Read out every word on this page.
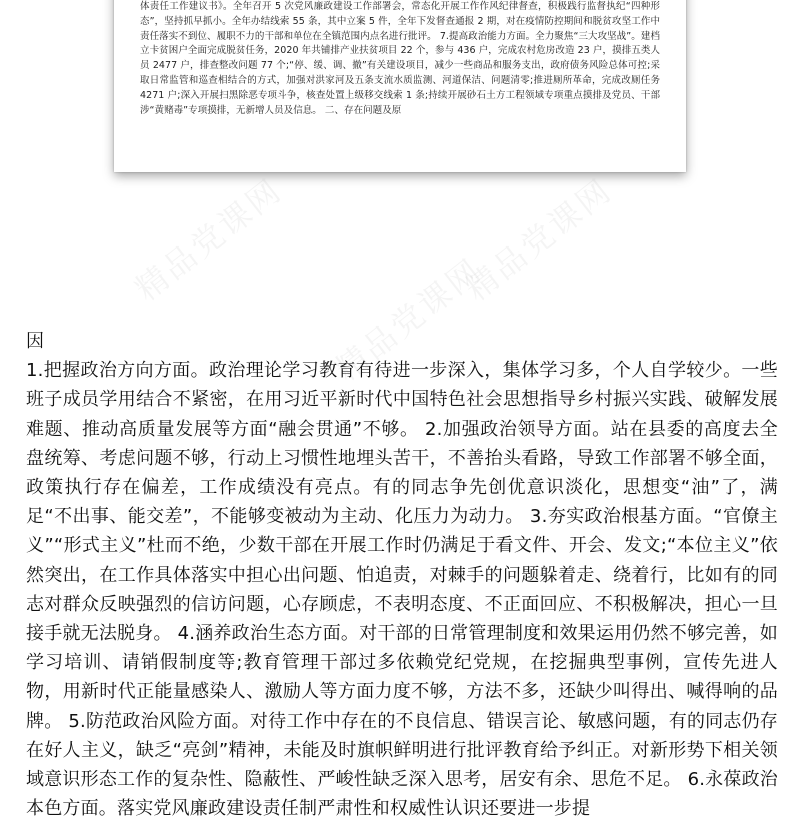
体责任工作建议书》。全年召开 5 次党风廉政建设工作部署会，常态化开展工作作风纪律督查，积极践行监督执纪“四种形态”，坚持抓早抓小。全年办结线索 55 条，其中立案 5 件，全年下发督查通报 2 期，对在疫情防控期间和脱贫攻坚工作中责任落实不到位、履职不力的干部和单位在全镇范围内点名进行批评。 7.提高政治能力方面。全力聚焦“三大攻坚战”。建档立卡贫困户全面完成脱贫任务，2020 年共铺排产业扶贫项目 22 个，参与 436 户，完成农村危房改造 23 户，摸排五类人员 2477 户，排查整改问题 77 个;“停、缓、调、撤”有关建设项目，减少一些商品和服务支出，政府债务风险总体可控;采取日常监管和巡查相结合的方式，加强对洪家河及五条支流水质监测、河道保洁、问题清零;推进厕所革命，完成改厕任务 4271 户;深入开展扫黑除恶专项斗争，核查处置上级移交线索 1 条;持续开展砂石土方工程领域专项重点摸排及党员、干部涉“黄赌毒”专项摸排，无新增人员及信息。 二、存在问题及原
精品党课网	精品党课网
精品党课网
因
1.把握政治方向方面。政治理论学习教育有待进一步深入，集体学习多，个人自学较少。一些班子成员学用结合不紧密，在用习近平新时代中国特色社会思想指导乡村振兴实践、破解发展难题、推动高质量发展等方面“融会贯通”不够。 2.加强政治领导方面。站在县委的高度去全盘统筹、考虑问题不够，行动上习惯性地埋头苦干，不善抬头看路，导致工作部署不够全面，政策执行存在偏差，工作成绩没有亮点。有的同志争先创优意识淡化，思想变“油”了，满足“不出事、能交差”，不能够变被动为主动、化压力为动力。 3.夯实政治根基方面。“官僚主义”“形式主义”杜而不绝，少数干部在开展工作时仍满足于看文件、开会、发文;“本位主义”依然突出，在工作具体落实中担心出问题、怕追责，对棘手的问题躲着走、绕着行，比如有的同志对群众反映强烈的信访问题，心存顾虑，不表明态度、不正面回应、不积极解决，担心一旦接手就无法脱身。 4.涵养政治生态方面。对干部的日常管理制度和效果运用仍然不够完善，如学习培训、请销假制度等;教育管理干部过多依赖党纪党规，在挖掘典型事例，宣传先进人物，用新时代正能量感染人、激励人等方面力度不够，方法不多，还缺少叫得出、喊得响的品牌。 5.防范政治风险方面。对待工作中存在的不良信息、错误言论、敏感问题，有的同志仍存在好人主义，缺乏“亮剑”精神，未能及时旗帜鲜明进行批评教育给予纠正。对新形势下相关领域意识形态工作的复杂性、隐蔽性、严峻性缺乏深入思考，居安有余、思危不足。 6.永葆政治本色方面。落实党风廉政建设责任制严肃性和权威性认识还要进一步提
